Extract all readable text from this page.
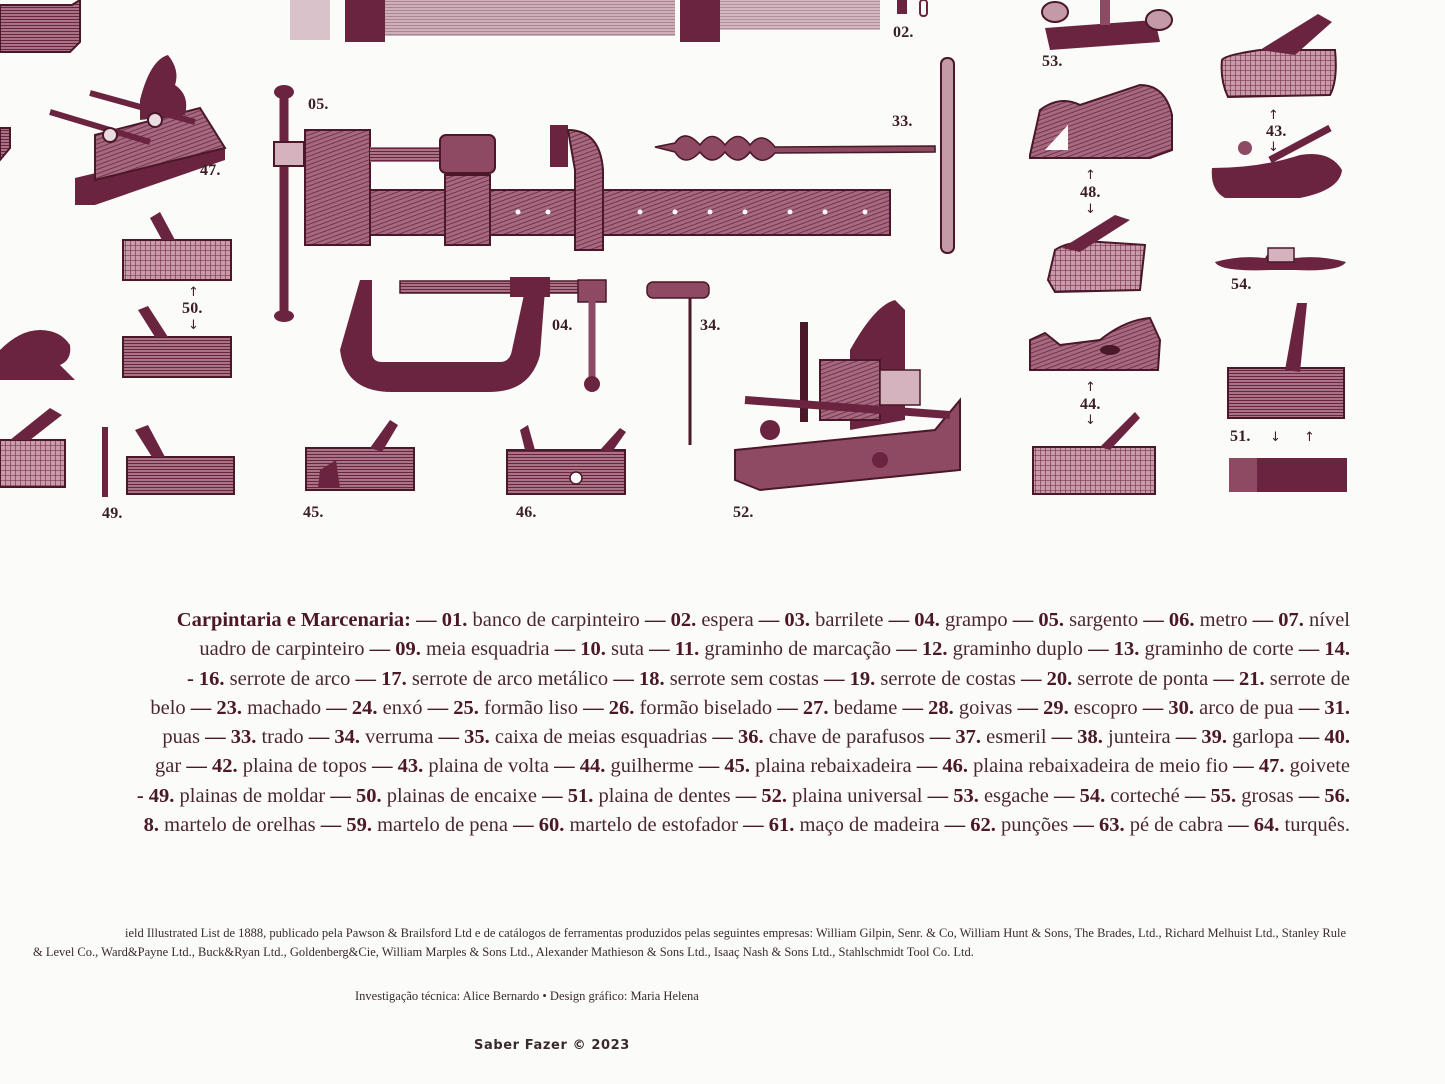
02.
04.
05.
33.
34.
43.
44.
45.	46.
47.
48.
49.
50.
51.
52.
53.
54.
↑
↓
↑
↓
↑
↓
↑
↓
↓ ↑
Carpintaria e Marcenaria: — 01. banco de carpinteiro — 02. espera — 03. barrilete — 04. grampo — 05. sargento — 06. metro — 07. nível
uadro de carpinteiro — 09. meia esquadria — 10. suta — 11. graminho de marcação — 12. graminho duplo — 13. graminho de corte — 14.
- 16. serrote de arco — 17. serrote de arco metálico — 18. serrote sem costas — 19. serrote de costas — 20. serrote de ponta — 21. serrote de
belo — 23. machado — 24. enxó — 25. formão liso — 26. formão biselado — 27. bedame — 28. goivas — 29. escopro — 30. arco de pua — 31.
puas — 33. trado — 34. verruma — 35. caixa de meias esquadrias — 36. chave de parafusos — 37. esmeril — 38. junteira — 39. garlopa — 40.
gar — 42. plaina de topos — 43. plaina de volta — 44. guilherme — 45. plaina rebaixadeira — 46. plaina rebaixadeira de meio fio — 47. goivete
- 49. plainas de moldar — 50. plainas de encaixe — 51. plaina de dentes — 52. plaina universal — 53. esgache — 54. corteché — 55. grosas — 56.
8. martelo de orelhas — 59. martelo de pena — 60. martelo de estofador — 61. maço de madeira — 62. punções — 63. pé de cabra — 64. turquês.
ield Illustrated List de 1888, publicado pela Pawson & Brailsford Ltd e de catálogos de ferramentas produzidos pelas seguintes empresas: William Gilpin, Senr. & Co, William Hunt & Sons, The Brades, Ltd., Richard Melhuist Ltd., Stanley Rule
& Level Co., Ward&Payne Ltd., Buck&Ryan Ltd., Goldenberg&Cie, William Marples & Sons Ltd., Alexander Mathieson & Sons Ltd., Isaaç Nash & Sons Ltd., Stahlschmidt Tool Co. Ltd.
Investigação técnica: Alice Bernardo • Design gráfico: Maria Helena
Saber Fazer © 2023
